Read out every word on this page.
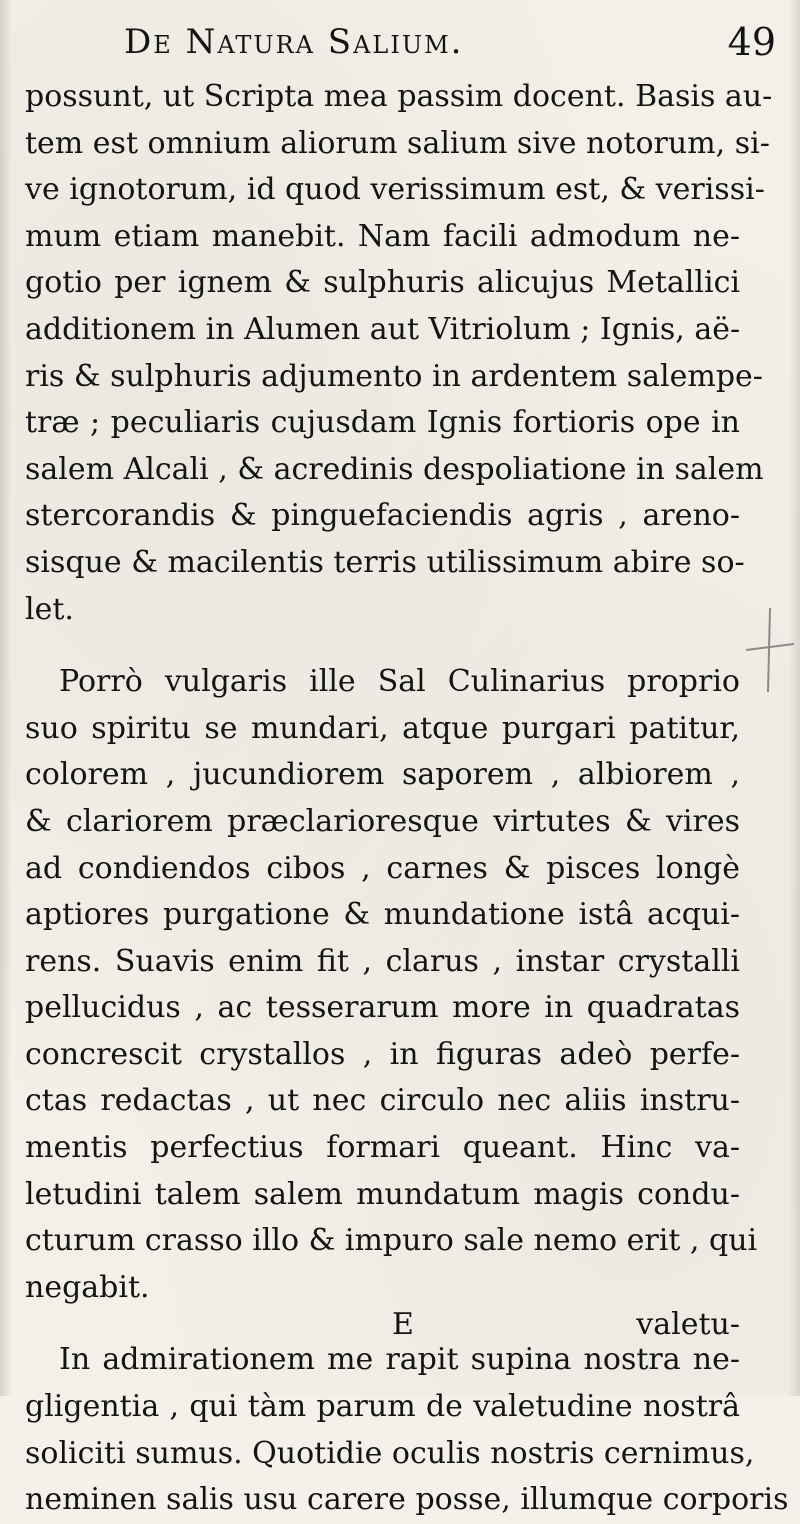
De Natura Salium.	49
possunt, ut Scripta mea passim docent. Basis au-
tem est omnium aliorum salium sive notorum, si-
ve ignotorum, id quod verissimum est, & verissi-
mum etiam manebit. Nam facili admodum ne-
gotio per ignem & sulphuris alicujus Metallici
additionem in Alumen aut Vitriolum ; Ignis, aë-
ris & sulphuris adjumento in ardentem salempe-
træ ; peculiaris cujusdam Ignis fortioris ope in
salem Alcali , & acredinis despoliatione in salem
stercorandis & pinguefaciendis agris , areno-
sisque & macilentis terris utilissimum abire so-
let.
Porrò vulgaris ille Sal Culinarius proprio
suo spiritu se mundari, atque purgari patitur,
colorem , jucundiorem saporem , albiorem ,
& clariorem præclarioresque virtutes & vires
ad condiendos cibos , carnes & pisces longè
aptiores purgatione & mundatione istâ acqui-
rens. Suavis enim fit , clarus , instar crystalli
pellucidus , ac tesserarum more in quadratas
concrescit crystallos , in figuras adeò perfe-
ctas redactas , ut nec circulo nec aliis instru-
mentis perfectius formari queant. Hinc va-
letudini talem salem mundatum magis condu-
cturum crasso illo & impuro sale nemo erit , qui
negabit.
In admirationem me rapit supina nostra ne-
gligentia , qui tàm parum de valetudine nostrâ
soliciti sumus. Quotidie oculis nostris cernimus,
neminen salis usu carere posse, illumque corporis
E	valetu-
